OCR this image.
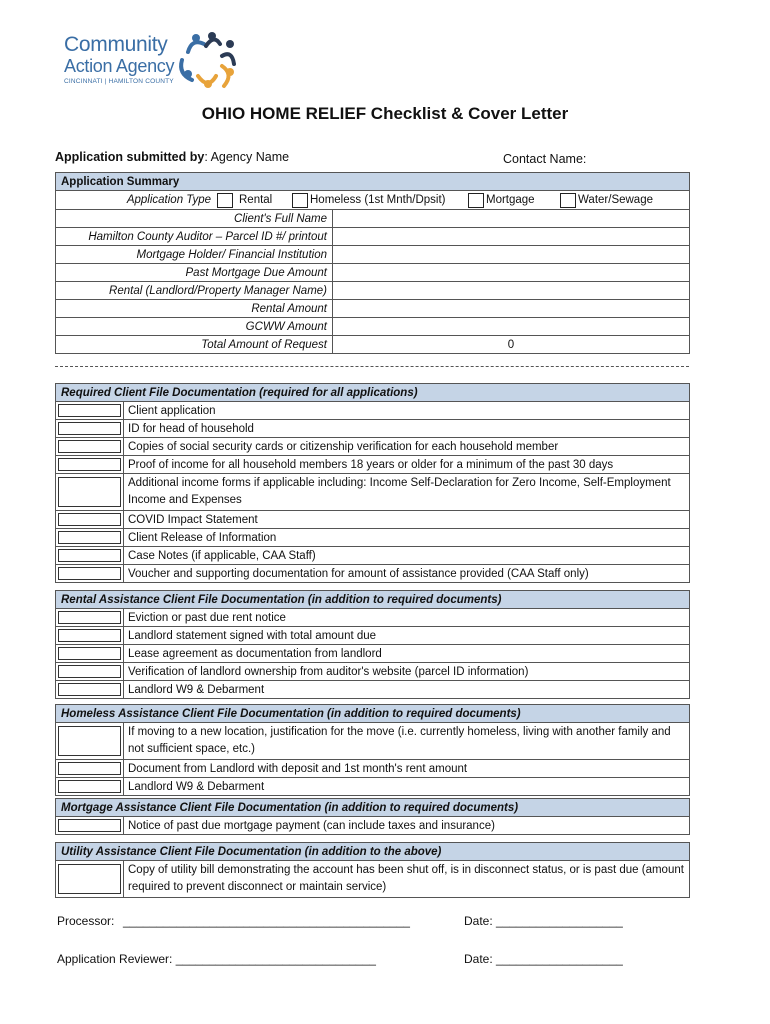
Community
Action Agency
CINCINNATI | HAMILTON COUNTY
OHIO HOME RELIEF Checklist & Cover Letter
Application submitted by: Agency Name	Contact Name:
Application Summary	

Application Type Rental Homeless (1st Mnth/Dpsit) Mortgage Water/Sewage	

Client's Full Name	
Hamilton County Auditor – Parcel ID #/ printout	
Mortgage Holder/ Financial Institution	
Past Mortgage Due Amount	
Rental (Landlord/Property Manager Name)	
Rental Amount	
GCWW Amount	
Total Amount of Request	0
Required Client File Documentation (required for all applications)	

	Client application

	ID for head of household

	Copies of social security cards or citizenship verification for each household member

	Proof of income for all household members 18 years or older for a minimum of the past 30 days

	Additional income forms if applicable including: Income Self-Declaration for Zero Income, Self-Employment Income and Expenses

	COVID Impact Statement

	Client Release of Information

	Case Notes (if applicable, CAA Staff)

	Voucher and supporting documentation for amount of assistance provided (CAA Staff only)
Rental Assistance Client File Documentation (in addition to required documents)	

	Eviction or past due rent notice

	Landlord statement signed with total amount due

	Lease agreement as documentation from landlord

	Verification of landlord ownership from auditor's website (parcel ID information)

	Landlord W9 & Debarment
Homeless Assistance Client File Documentation (in addition to required documents)	

	If moving to a new location, justification for the move (i.e. currently homeless, living with another family and not sufficient space, etc.)

	Document from Landlord with deposit and 1st month's rent amount

	Landlord W9 & Debarment
Mortgage Assistance Client File Documentation (in addition to required documents)

	Notice of past due mortgage payment (can include taxes and insurance)
Utility Assistance Client File Documentation (in addition to the above)

	Copy of utility bill demonstrating the account has been shut off, is in disconnect status, or is past due (amount required to prevent disconnect or maintain service)
Processor: ___________________________________________	Date: ___________________
Application Reviewer: ______________________________	Date: ___________________
